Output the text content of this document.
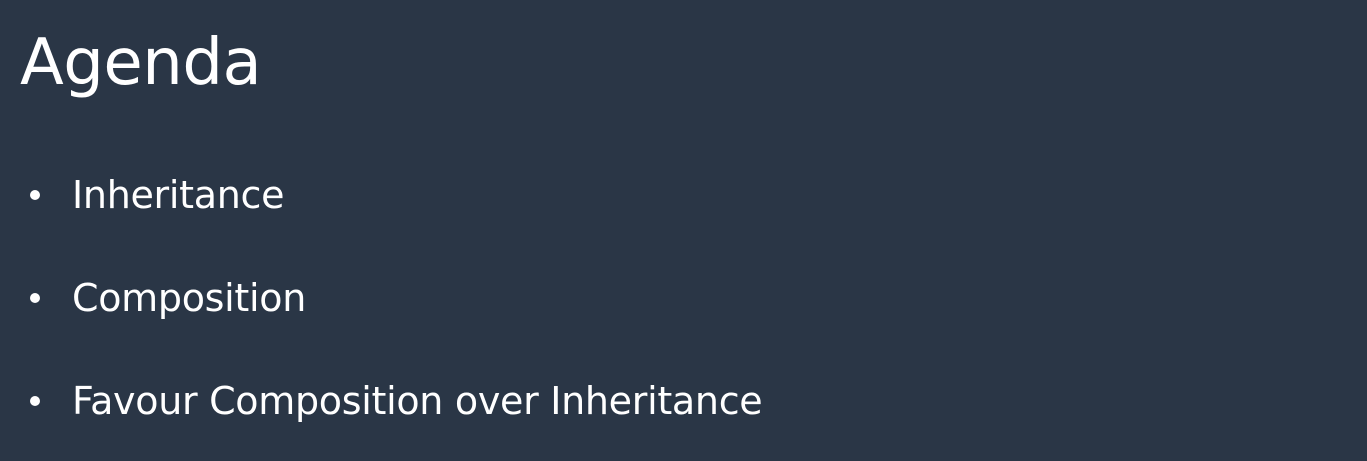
Agenda
Inheritance
Composition
Favour Composition over Inheritance
